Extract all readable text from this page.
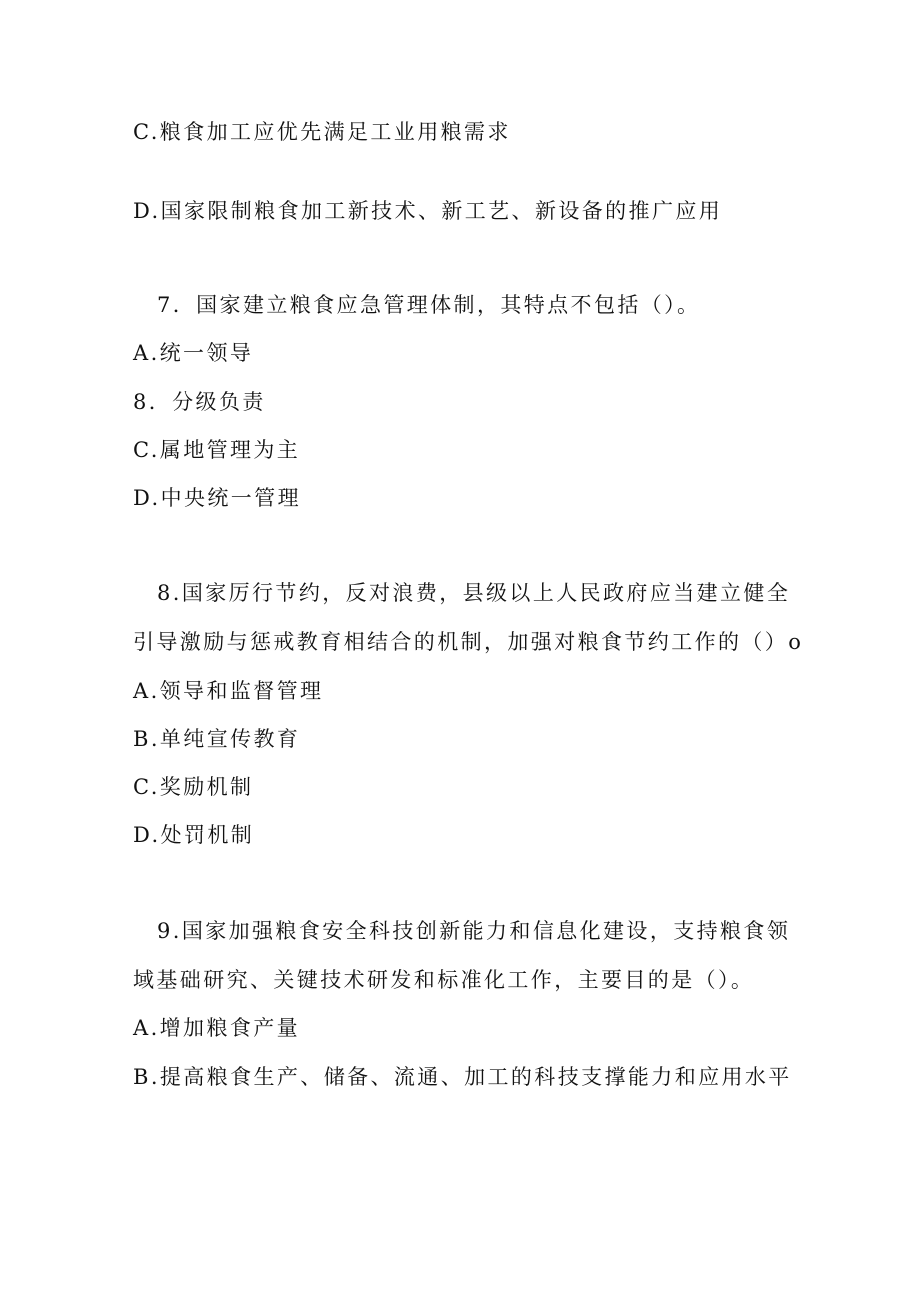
C.粮食加工应优先满足工业用粮需求
D.国家限制粮食加工新技术、新工艺、新设备的推广应用
7．国家建立粮食应急管理体制，其特点不包括（）。
A.统一领导
8．分级负责
C.属地管理为主
D.中央统一管理
8.国家厉行节约，反对浪费，县级以上人民政府应当建立健全
引导激励与惩戒教育相结合的机制，加强对粮食节约工作的（）o
A.领导和监督管理
B.单纯宣传教育
C.奖励机制
D.处罚机制
9.国家加强粮食安全科技创新能力和信息化建设，支持粮食领
域基础研究、关键技术研发和标准化工作，主要目的是（）。
A.增加粮食产量
B.提高粮食生产、储备、流通、加工的科技支撑能力和应用水平
